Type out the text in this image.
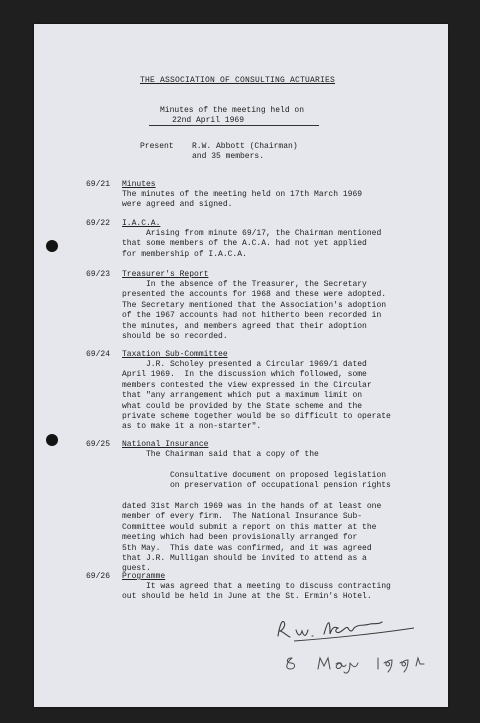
THE ASSOCIATION OF CONSULTING ACTUARIES
Minutes of the meeting held on
22nd April 1969
Present R.W. Abbott (Chairman)
and 35 members.
69/21 Minutes
The minutes of the meeting held on 17th March 1969
were agreed and signed.
69/22 I.A.C.A.
Arising from minute 69/17, the Chairman mentioned
that some members of the A.C.A. had not yet applied
for membership of I.A.C.A.
69/23 Treasurer's Report
In the absence of the Treasurer, the Secretary
presented the accounts for 1968 and these were adopted.
The Secretary mentioned that the Association's adoption
of the 1967 accounts had not hitherto been recorded in
the minutes, and members agreed that their adoption
should be so recorded.
69/24 Taxation Sub-Committee
J.R. Scholey presented a Circular 1969/1 dated
April 1969.  In the discussion which followed, some
members contested the view expressed in the Circular
that "any arrangement which put a maximum limit on
what could be provided by the State scheme and the
private scheme together would be so difficult to operate
as to make it a non-starter".
69/25 National Insurance
The Chairman said that a copy of the

Consultative document on proposed legislation
on preservation of occupational pension rights

dated 31st March 1969 was in the hands of at least one
member of every firm.  The National Insurance Sub-
Committee would submit a report on this matter at the
meeting which had been provisionally arranged for
5th May.  This date was confirmed, and it was agreed
that J.R. Mulligan should be invited to attend as a
guest.
69/26 Programme
It was agreed that a meeting to discuss contracting
out should be held in June at the St. Ermin's Hotel.
